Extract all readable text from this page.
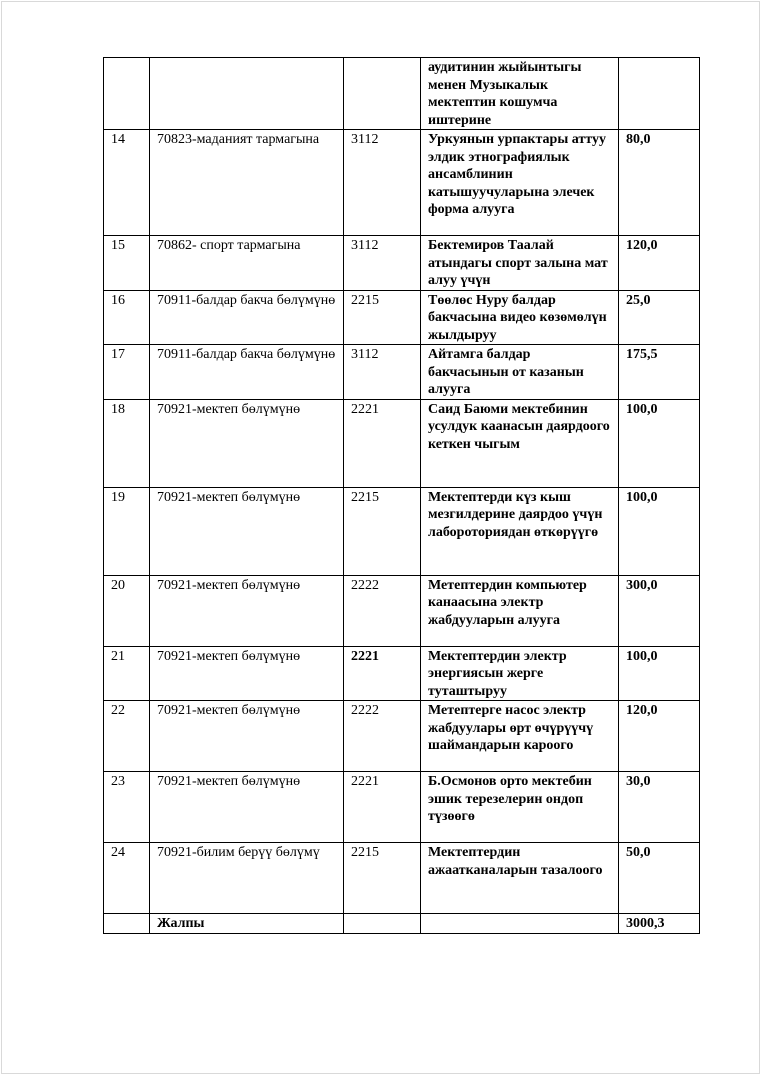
			аудитинин жыйынтыгы менен Музыкалык мектептин кошумча иштерине	
14	70823-маданият тармагына	3112	Уркуянын урпактары аттуу элдик этнографиялык ансамблинин катышуучуларына элечек форма алууга	80,0
15	70862- спорт тармагына	3112	Бектемиров Таалай атындагы спорт залына мат алуу үчүн	120,0
16	70911-балдар бакча бөлүмүнө	2215	Төөлөс Нуру балдар бакчасына видео көзөмөлүн жылдыруу	25,0
17	70911-балдар бакча бөлүмүнө	3112	Айтамга балдар бакчасынын от казанын алууга	175,5
18	70921-мектеп бөлүмүнө	2221	Саид Баюми мектебинин усулдук каанасын даярдоого кеткен чыгым	100,0
19	70921-мектеп бөлүмүнө	2215	Мектептерди күз кыш мезгилдерине даярдоо үчүн лабороториядан өткөрүүгө	100,0
20	70921-мектеп бөлүмүнө	2222	Метептердин компьютер канаасына электр жабдууларын алууга	300,0
21	70921-мектеп бөлүмүнө	2221	Мектептердин электр энергиясын жерге туташтыруу	100,0
22	70921-мектеп бөлүмүнө	2222	Метептерге насос электр жабдуулары өрт өчүрүүчү шаймандарын кароого	120,0
23	70921-мектеп бөлүмүнө	2221	Б.Осмонов орто мектебин эшик терезелерин ондоп түзөөгө	30,0
24	70921-билим берүү бөлүмү	2215	Мектептердин ажаатканаларын тазалоого	50,0
	Жалпы			3000,3
